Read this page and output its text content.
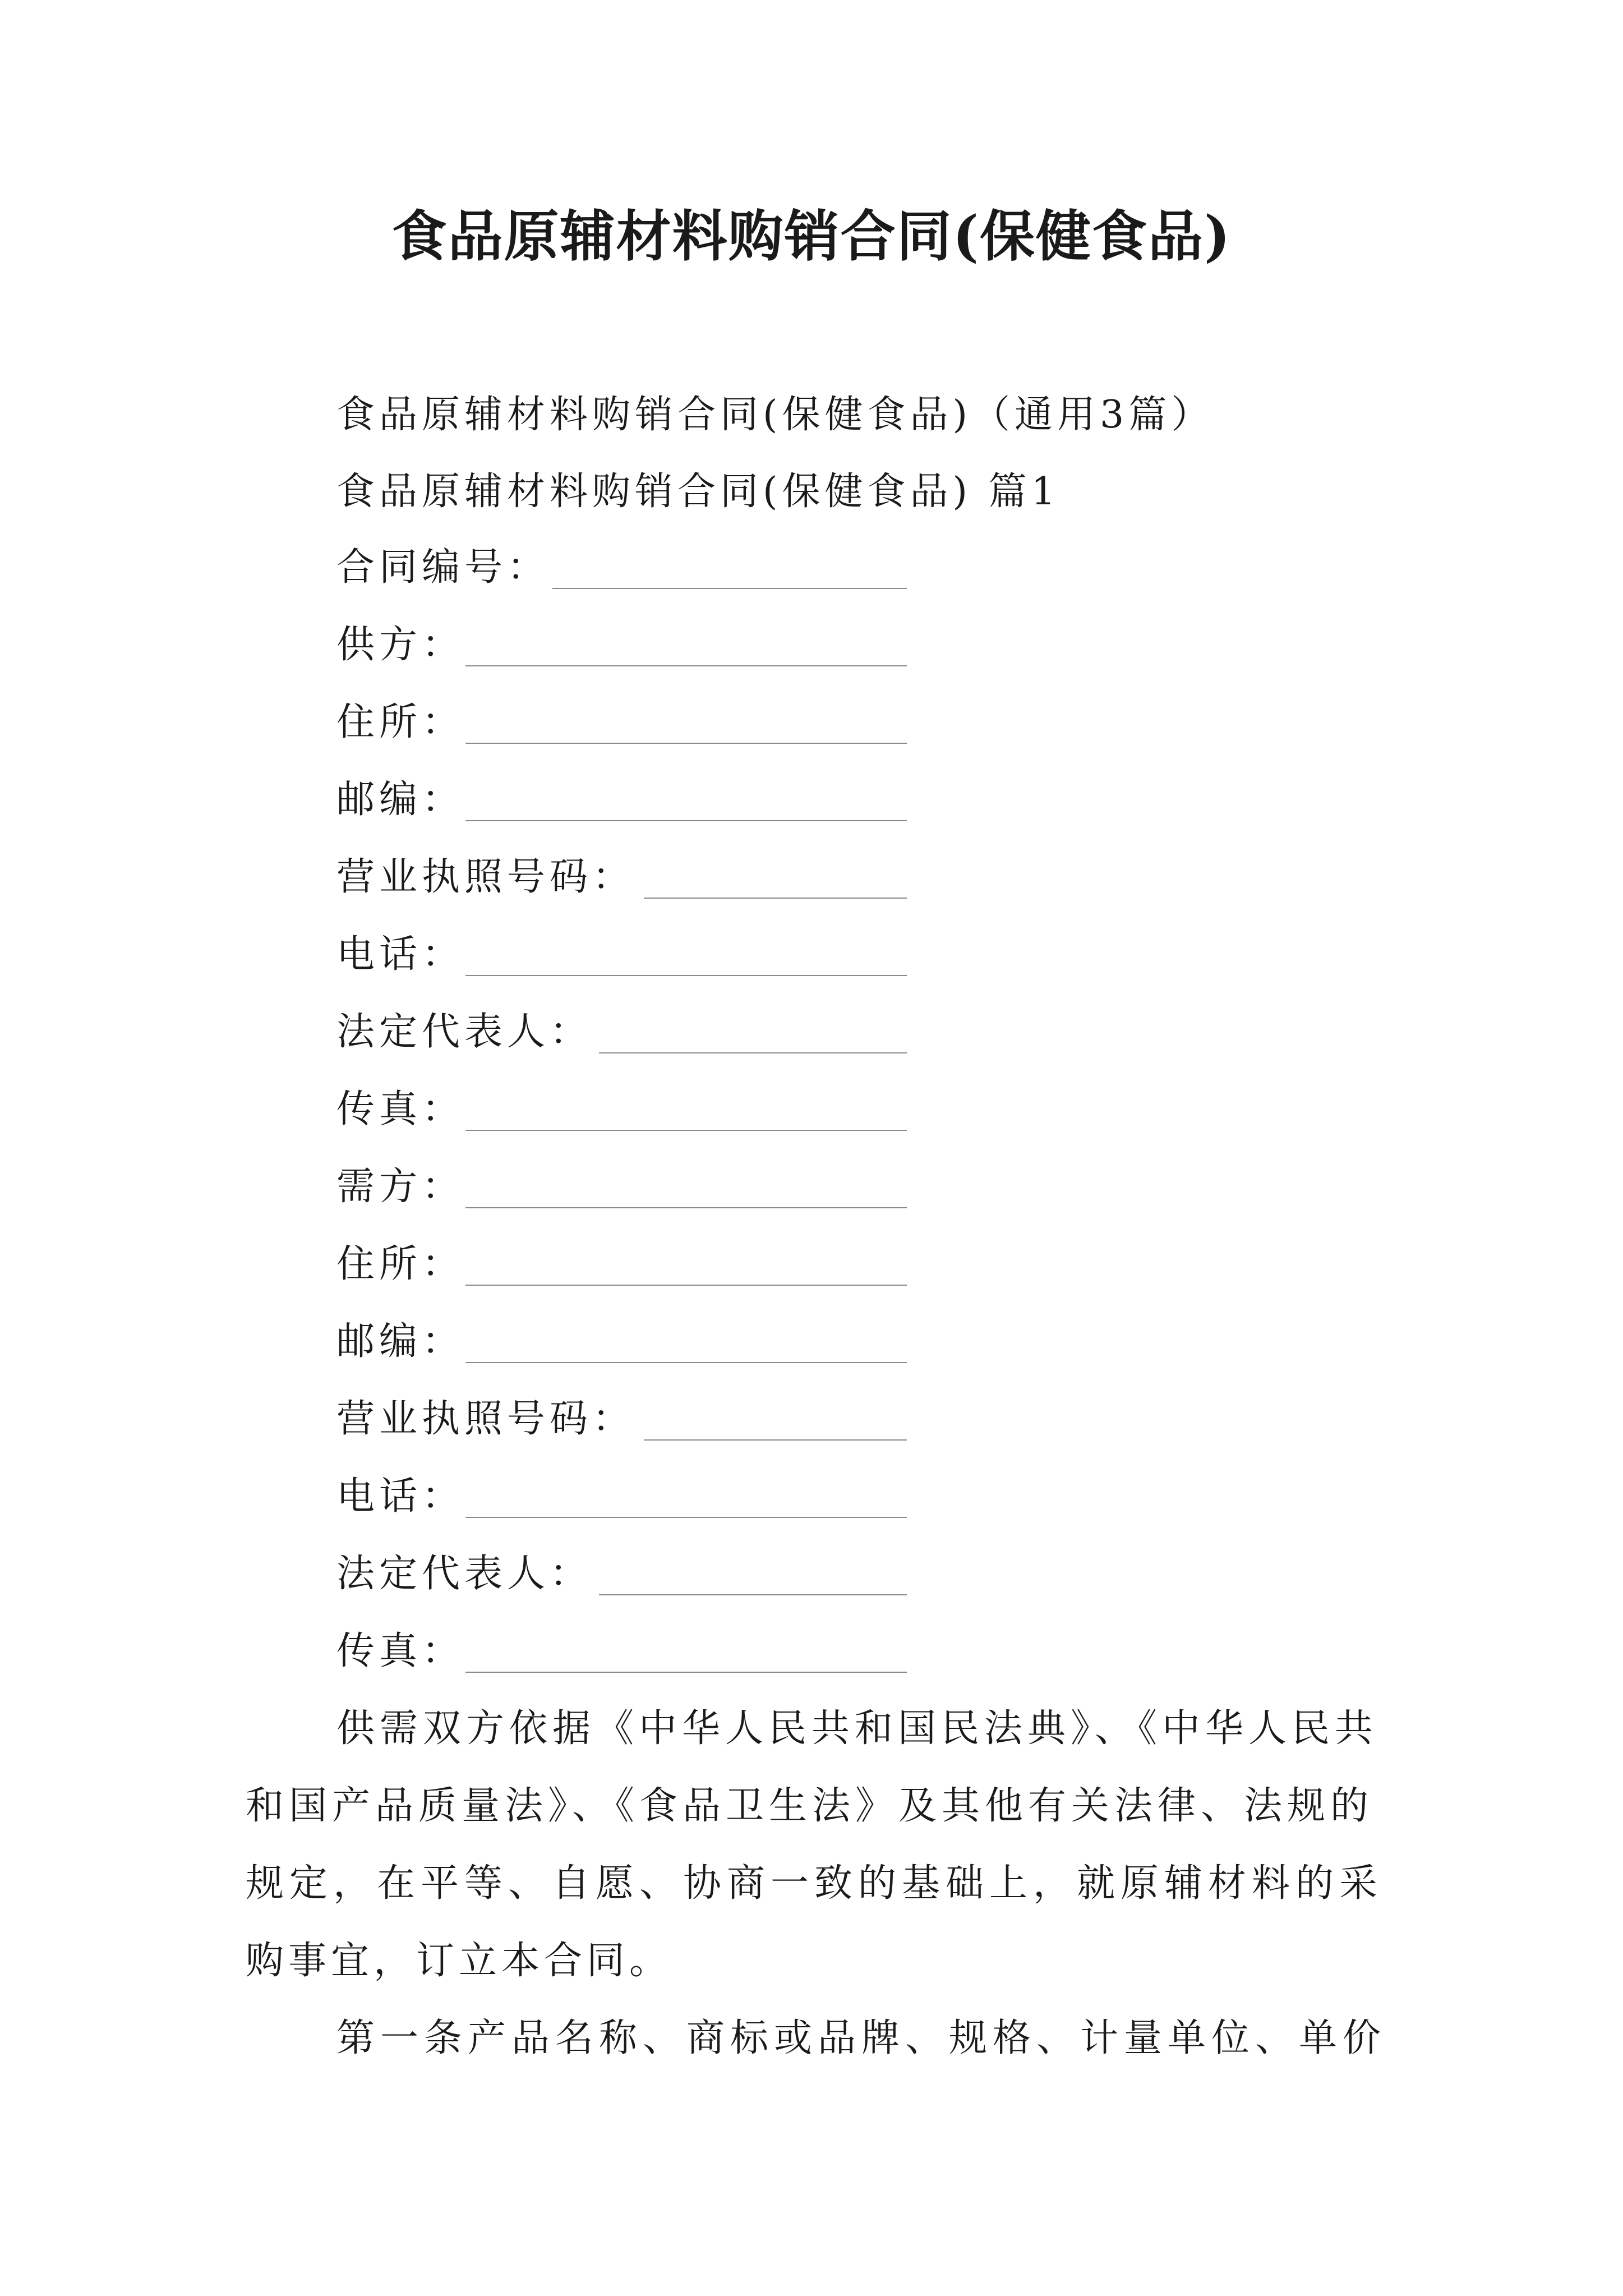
食品原辅材料购销合同(保健食品)
食品原辅材料购销合同(保健食品)（通用3篇）
食品原辅材料购销合同(保健食品) 篇1
合同编号：
供方：
住所：
邮编：
营业执照号码：
电话：
法定代表人：
传真：
需方：
住所：
邮编：
营业执照号码：
电话：
法定代表人：
传真：
供需双方依据《中华人民共和国民法典》、《中华人民共
和国产品质量法》、《食品卫生法》及其他有关法律、法规的
规定，在平等、自愿、协商一致的基础上，就原辅材料的采
购事宜，订立本合同。
第一条产品名称、商标或品牌、规格、计量单位、单价
